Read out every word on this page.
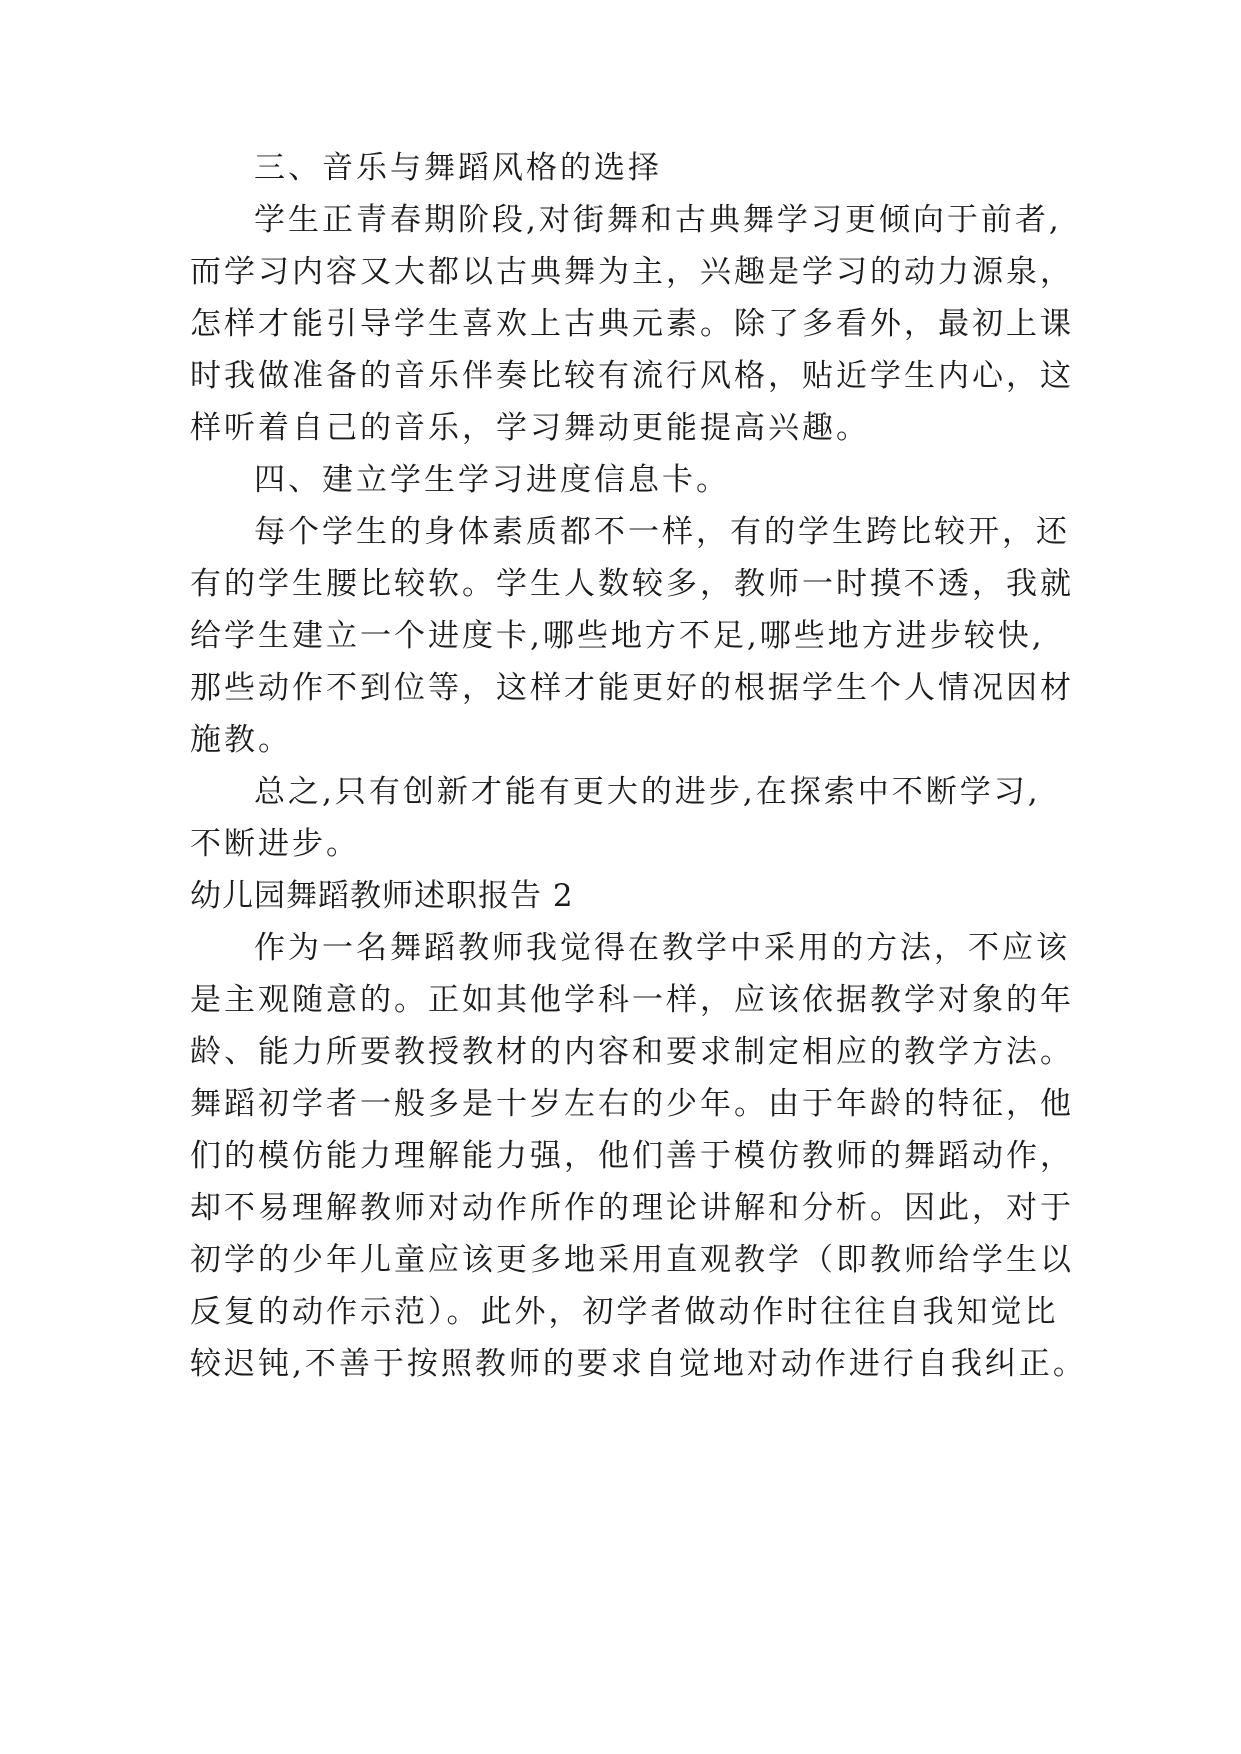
三、音乐与舞蹈风格的选择
学生正青春期阶段,对街舞和古典舞学习更倾向于前者,
而学习内容又大都以古典舞为主，兴趣是学习的动力源泉，
怎样才能引导学生喜欢上古典元素。除了多看外，最初上课
时我做准备的音乐伴奏比较有流行风格，贴近学生内心，这
样听着自己的音乐，学习舞动更能提高兴趣。
四、建立学生学习进度信息卡。
每个学生的身体素质都不一样，有的学生跨比较开，还
有的学生腰比较软。学生人数较多，教师一时摸不透，我就
给学生建立一个进度卡,哪些地方不足,哪些地方进步较快,
那些动作不到位等，这样才能更好的根据学生个人情况因材
施教。
总之,只有创新才能有更大的进步,在探索中不断学习,
不断进步。
幼儿园舞蹈教师述职报告 2
作为一名舞蹈教师我觉得在教学中采用的方法，不应该
是主观随意的。正如其他学科一样，应该依据教学对象的年
龄、能力所要教授教材的内容和要求制定相应的教学方法。
舞蹈初学者一般多是十岁左右的少年。由于年龄的特征，他
们的模仿能力理解能力强，他们善于模仿教师的舞蹈动作，
却不易理解教师对动作所作的理论讲解和分析。因此，对于
初学的少年儿童应该更多地采用直观教学（即教师给学生以
反复的动作示范）。此外，初学者做动作时往往自我知觉比
较迟钝,不善于按照教师的要求自觉地对动作进行自我纠正。
